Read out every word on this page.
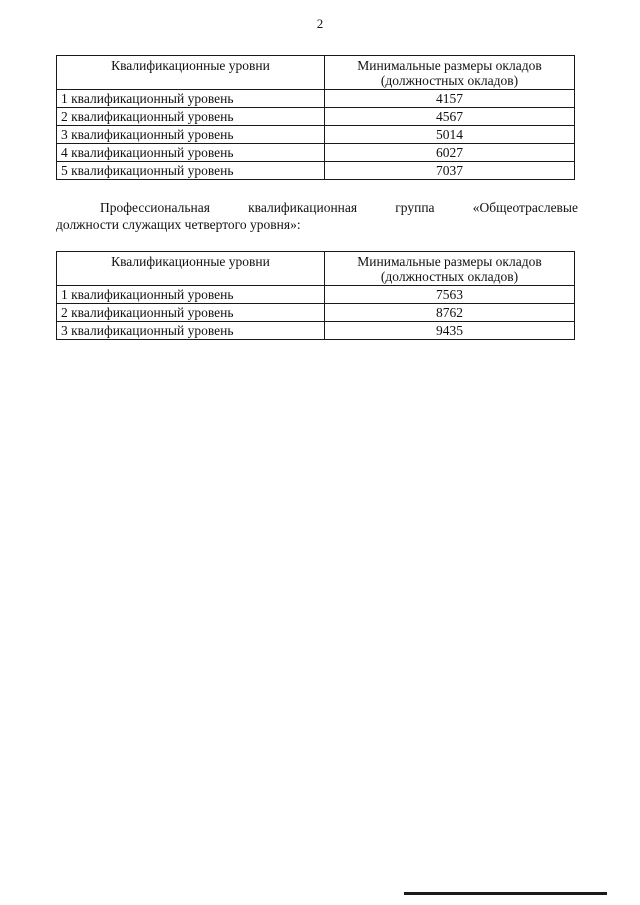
2
Квалификационные уровни	Минимальные размеры окладов
(должностных окладов)
1 квалификационный уровень	4157
2 квалификационный уровень	4567
3 квалификационный уровень	5014
4 квалификационный уровень	6027
5 квалификационный уровень	7037
Профессиональная квалификационная группа «Общеотраслевые
должности служащих четвертого уровня»:
Квалификационные уровни	Минимальные размеры окладов
(должностных окладов)
1 квалификационный уровень	7563
2 квалификационный уровень	8762
3 квалификационный уровень	9435
